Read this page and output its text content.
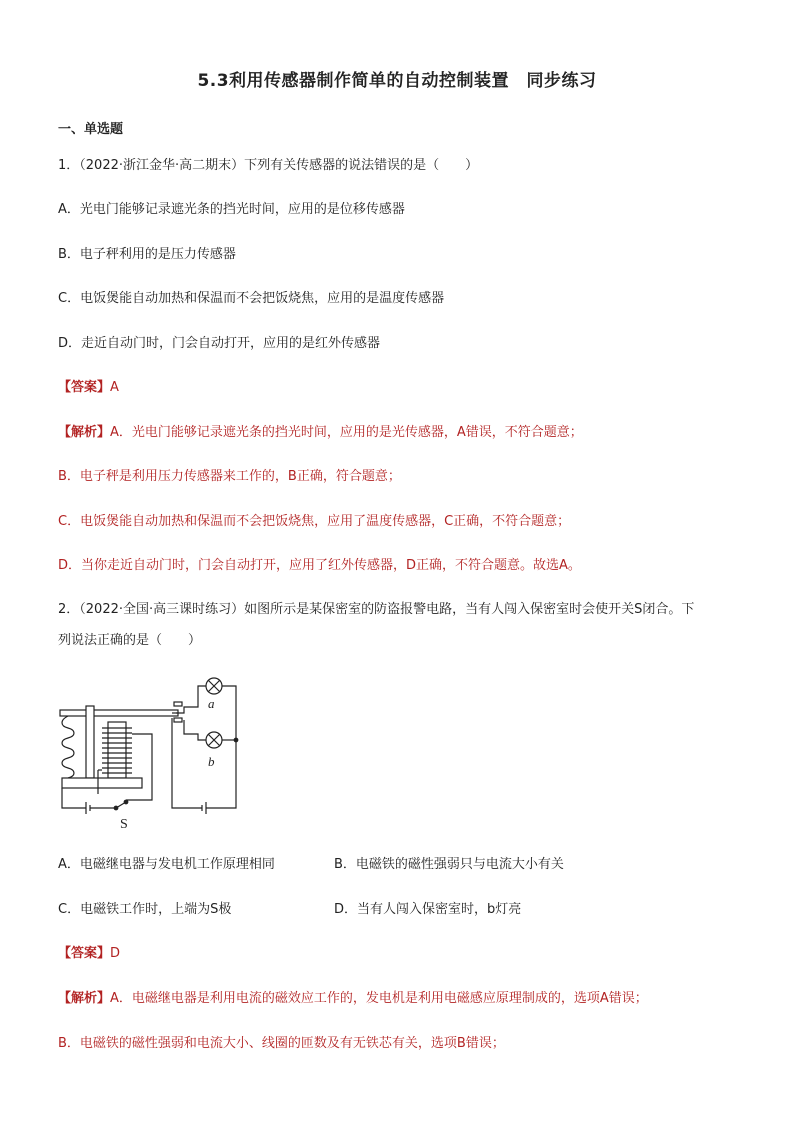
5.3利用传感器制作简单的自动控制装置　同步练习
一、单选题
1．（2022·浙江金华·高二期末）下列有关传感器的说法错误的是（　　）
A．光电门能够记录遮光条的挡光时间，应用的是位移传感器
B．电子秤利用的是压力传感器
C．电饭煲能自动加热和保温而不会把饭烧焦，应用的是温度传感器
D．走近自动门时，门会自动打开，应用的是红外传感器
【答案】A
【解析】A．光电门能够记录遮光条的挡光时间，应用的是光传感器，A错误，不符合题意；
B．电子秤是利用压力传感器来工作的，B正确，符合题意；
C．电饭煲能自动加热和保温而不会把饭烧焦，应用了温度传感器，C正确，不符合题意；
D．当你走近自动门时，门会自动打开，应用了红外传感器，D正确，不符合题意。故选A。
2．（2022·全国·高三课时练习）如图所示是某保密室的防盗报警电路，当有人闯入保密室时会使开关S闭合。下
列说法正确的是（　　）
a
b
S
A．电磁继电器与发电机工作原理相同	B．电磁铁的磁性强弱只与电流大小有关
C．电磁铁工作时，上端为S极	D．当有人闯入保密室时，b灯亮
【答案】D
【解析】A．电磁继电器是利用电流的磁效应工作的，发电机是利用电磁感应原理制成的，选项A错误；
B．电磁铁的磁性强弱和电流大小、线圈的匝数及有无铁芯有关，选项B错误；
